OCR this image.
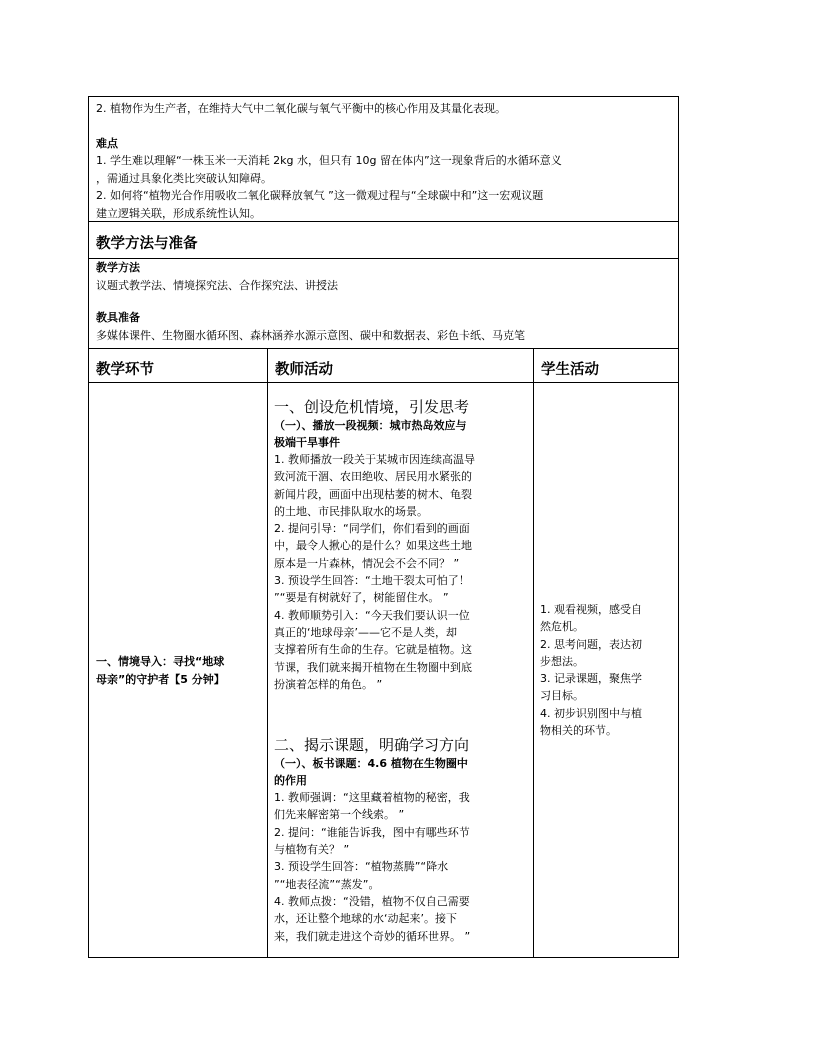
2. 植物作为生产者，在维持大气中二氧化碳与氧气平衡中的核心作用及其量化表现。

难点

1. 学生难以理解“一株玉米一天消耗 2kg 水，但只有 10g 留在体内”这一现象背后的水循环意义

，需通过具象化类比突破认知障碍。

2. 如何将“植物光合作用吸收二氧化碳释放氧气 ”这一微观过程与“全球碳中和”这一宏观议题

建立逻辑关联，形成系统性认知。

教学方法与准备

教学方法

议题式教学法、情境探究法、合作探究法、讲授法

教具准备

多媒体课件、生物圈水循环图、森林涵养水源示意图、碳中和数据表、彩色卡纸、马克笔

教学环节	教师活动	学生活动

一、情境导入：寻找“地球

母亲”的守护者【5 分钟】

一、创设危机情境，引发思考

（一）、播放一段视频：城市热岛效应与

极端干旱事件

1. 教师播放一段关于某城市因连续高温导

致河流干涸、农田绝收、居民用水紧张的

新闻片段，画面中出现枯萎的树木、龟裂

的土地、市民排队取水的场景。

2. 提问引导：“同学们，你们看到的画面

中，最令人揪心的是什么？如果这些土地

原本是一片森林，情况会不会不同？ ”

3. 预设学生回答：“土地干裂太可怕了！

”“要是有树就好了，树能留住水。 ”

4. 教师顺势引入：“今天我们要认识一位

真正的‘地球母亲’——它不是人类，却

支撑着所有生命的生存。它就是植物。这

节课，我们就来揭开植物在生物圈中到底

扮演着怎样的角色。 ”

二、揭示课题，明确学习方向

（一）、板书课题：4.6 植物在生物圈中

的作用

1. 教师强调：“这里藏着植物的秘密，我

们先来解密第一个线索。 ”

2. 提问：“谁能告诉我，图中有哪些环节

与植物有关？ ”

3. 预设学生回答：“植物蒸腾”“降水

”“地表径流”“蒸发”。

4. 教师点拨：“没错，植物不仅自己需要

水，还让整个地球的水‘动起来’。接下

来，我们就走进这个奇妙的循环世界。 ”

1. 观看视频，感受自

然危机。

2. 思考问题，表达初

步想法。

3. 记录课题，聚焦学

习目标。

4. 初步识别图中与植

物相关的环节。
